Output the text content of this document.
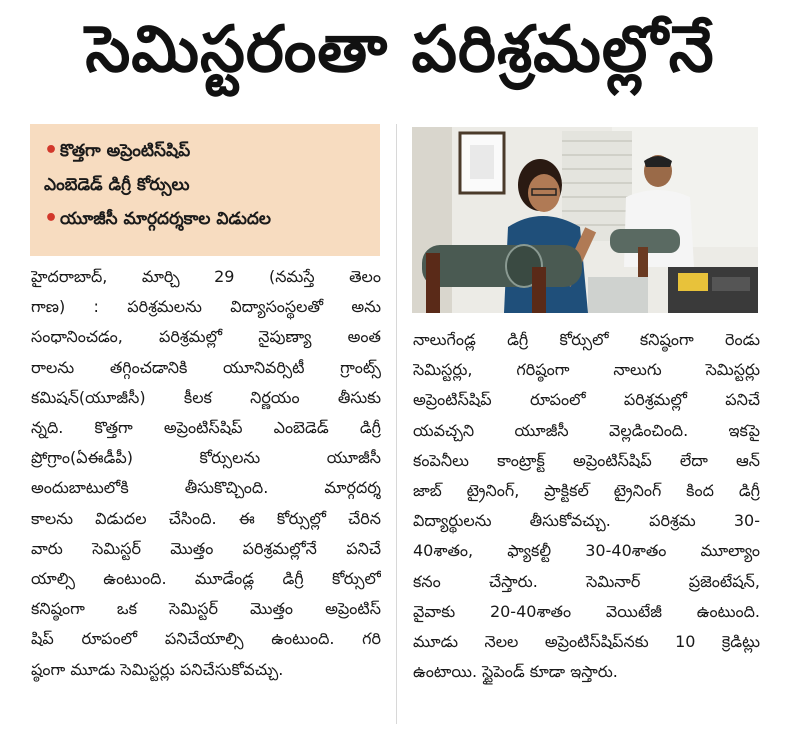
సెమిస్టరంతా పరిశ్రమల్లోనే
• కొత్తగా అప్రెంటిస్‌షిప్
ఎంబెడెడ్ డిగ్రీ కోర్సులు
• యూజీసీ మార్గదర్శకాల విడుదల
హైదరాబాద్, మార్చి 29 (నమస్తే తెలం
గాణ) : పరిశ్రమలను విద్యాసంస్థలతో అను
సంధానించడం, పరిశ్రమల్లో నైపుణ్యా అంత
రాలను తగ్గించడానికి యూనివర్సిటీ గ్రాంట్స్
కమిషన్(యూజీసీ) కీలక నిర్ణయం తీసుకు
న్నది. కొత్తగా అప్రెంటిస్‌షిప్ ఎంబెడెడ్ డిగ్రీ
ప్రోగ్రాం(ఏఈడీపీ) కోర్సులను యూజీసీ
అందుబాటులోకి తీసుకొచ్చింది. మార్గదర్శ
కాలను విడుదల చేసింది. ఈ కోర్సుల్లో చేరిన
వారు సెమిస్టర్ మొత్తం పరిశ్రమల్లోనే పనిచే
యాల్సి ఉంటుంది. మూడేండ్ల డిగ్రీ కోర్సులో
కనిష్ఠంగా ఒక సెమిస్టర్ మొత్తం అప్రెంటిస్
షిప్ రూపంలో పనిచేయాల్సి ఉంటుంది. గరి
ష్ఠంగా మూడు సెమిస్టర్లు పనిచేసుకోవచ్చు.
నాలుగేండ్ల డిగ్రీ కోర్సులో కనిష్ఠంగా రెండు
సెమిస్టర్లు, గరిష్ఠంగా నాలుగు సెమిస్టర్లు
అప్రెంటిస్‌షిప్ రూపంలో పరిశ్రమల్లో పనిచే
యవచ్చని యూజీసీ వెల్లడించింది. ఇకపై
కంపెనీలు కాంట్రాక్ట్ అప్రెంటిస్‌షిప్ లేదా ఆన్
జాబ్ ట్రైనింగ్, ప్రాక్టికల్ ట్రైనింగ్ కింద డిగ్రీ
విద్యార్థులను తీసుకోవచ్చు. పరిశ్రమ 30-
40శాతం, ఫ్యాకల్టీ 30-40శాతం మూల్యాం
కనం చేస్తారు. సెమినార్ ప్రజెంటేషన్,
వైవాకు 20-40శాతం వెయిటేజీ ఉంటుంది.
మూడు నెలల అప్రెంటిస్‌షిప్‌నకు 10 క్రెడిట్లు
ఉంటాయి. స్టైపెండ్ కూడా ఇస్తారు.
